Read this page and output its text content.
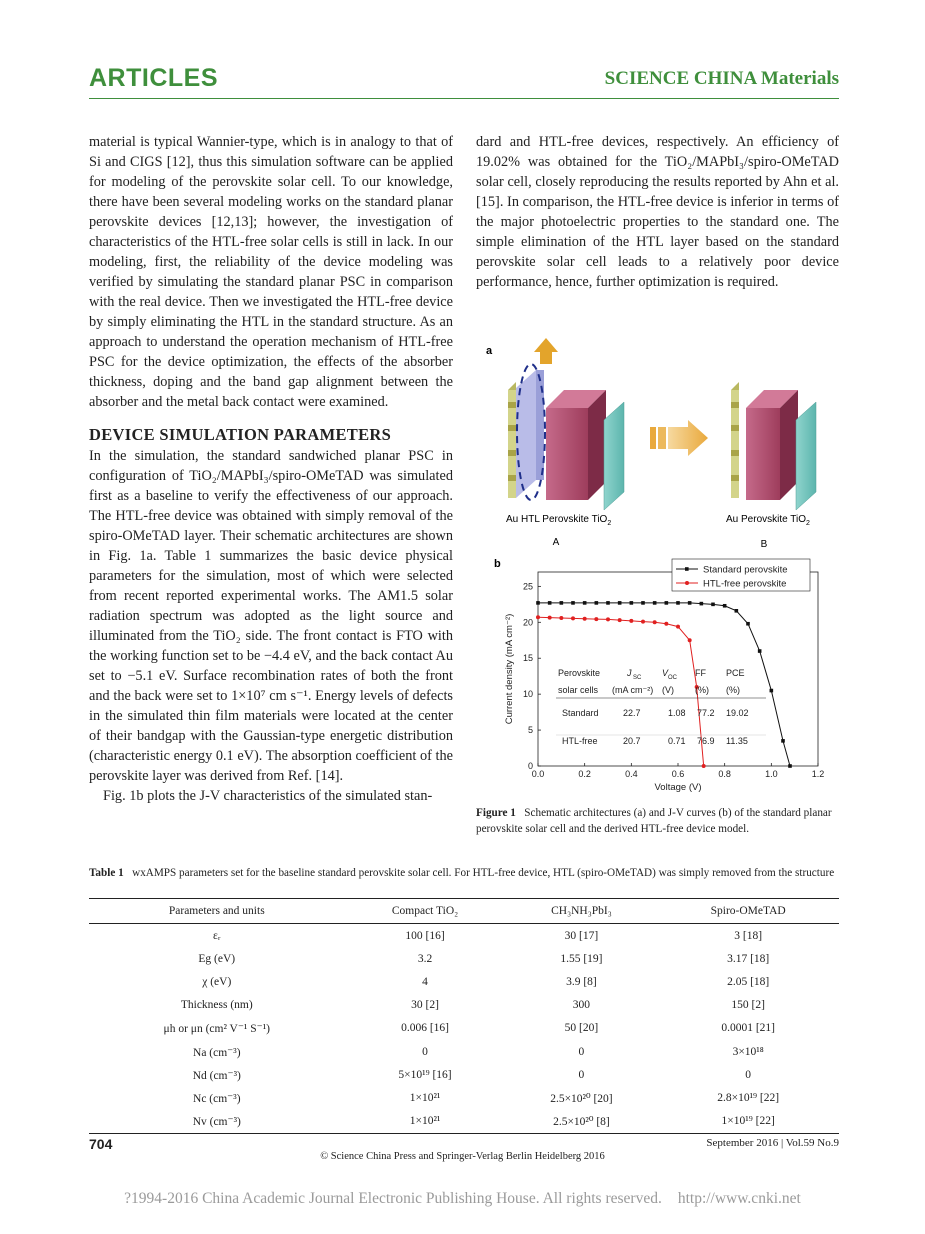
ARTICLES	SCIENCE CHINA Materials

material is typical Wannier-type, which is in analogy to that of Si and CIGS [12], thus this simulation software can be applied for modeling of the perovskite solar cell. To our knowledge, there have been several modeling works on the standard planar perovskite devices [12,13]; however, the investigation of characteristics of the HTL-free solar cells is still in lack. In our modeling, first, the reliability of the device modeling was verified by simulating the standard planar PSC in comparison with the real device. Then we investigated the HTL-free device by simply eliminating the HTL in the standard structure. As an approach to understand the operation mechanism of HTL-free PSC for the device optimization, the effects of the absorber thickness, doping and the band gap alignment between the absorber and the metal back contact were examined.

DEVICE SIMULATION PARAMETERS

In the simulation, the standard sandwiched planar PSC in configuration of TiO₂/MAPbI₃/spiro-OMeTAD was simulated first as a baseline to verify the effectiveness of our approach. The HTL-free device was obtained with simply removal of the spiro-OMeTAD layer. Their schematic architectures are shown in Fig. 1a. Table 1 summarizes the basic device physical parameters for the simulation, most of which were selected from recent reported experimental works. The AM1.5 solar radiation spectrum was adopted as the light source and illuminated from the TiO₂ side. The front contact is FTO with the working function set to be −4.4 eV, and the back contact Au set to −5.1 eV. Surface recombination rates of both the front and the back were set to 1×10⁷ cm s⁻¹. Energy levels of defects in the simulated thin film materials were located at the center of their bandgap with the Gaussian-type energetic distribution (characteristic energy 0.1 eV). The absorption coefficient of the perovskite layer was derived from Ref. [14].

Fig. 1b plots the J-V characteristics of the simulated stan-

dard and HTL-free devices, respectively. An efficiency of 19.02% was obtained for the TiO₂/MAPbI₃/spiro-OMeTAD solar cell, closely reproducing the results reported by Ahn et al. [15]. In comparison, the HTL-free device is inferior in terms of the major photoelectric properties to the standard one. The simple elimination of the HTL layer based on the standard perovskite solar cell leads to a relatively poor device performance, hence, further optimization is required.

a
Au HTL Perovskite TiO$_2$	Au Perovskite TiO$_2$
A	B
b
0.0	0.2	0.4	0.6	0.8	1.0	1.2
0
5
10
15
20
25
Voltage (V)
Current density (mA cm⁻²)
Standard perovskite
HTL-free perovskite
Perovskite	J SC V OC FF PCE
solar cells (mA cm⁻²) (V) (%) (%)
Standard	22.7	1.08 77.2 19.02
HTL-free	20.7	0.71 76.9 11.35
Figure 1 Schematic architectures (a) and J-V curves (b) of the standard planar perovskite solar cell and the derived HTL-free device model.
Table 1 wxAMPS parameters set for the baseline standard perovskite solar cell. For HTL-free device, HTL (spiro-OMeTAD) was simply removed from the structure
Parameters and units	Compact TiO₂	CH₃NH₃PbI₃	Spiro-OMeTAD
εᵣ	100 [16]	30 [17]	3 [18]
Eg (eV)	3.2	1.55 [19]	3.17 [18]
χ (eV)	4	3.9 [8]	2.05 [18]
Thickness (nm)	30 [2]	300	150 [2]
μh or μn (cm² V⁻¹ S⁻¹)	0.006 [16]	50 [20]	0.0001 [21]
Na (cm⁻³)	0	0	3×10¹⁸
Nd (cm⁻³)	5×10¹⁹ [16]	0	0
Nc (cm⁻³)	1×10²¹	2.5×10²⁰ [20]	2.8×10¹⁹ [22]
Nv (cm⁻³)	1×10²¹	2.5×10²⁰ [8]	1×10¹⁹ [22]
704	September 2016 | Vol.59 No.9
© Science China Press and Springer-Verlag Berlin Heidelberg 2016
?1994-2016 China Academic Journal Electronic Publishing House. All rights reserved. http://www.cnki.net
